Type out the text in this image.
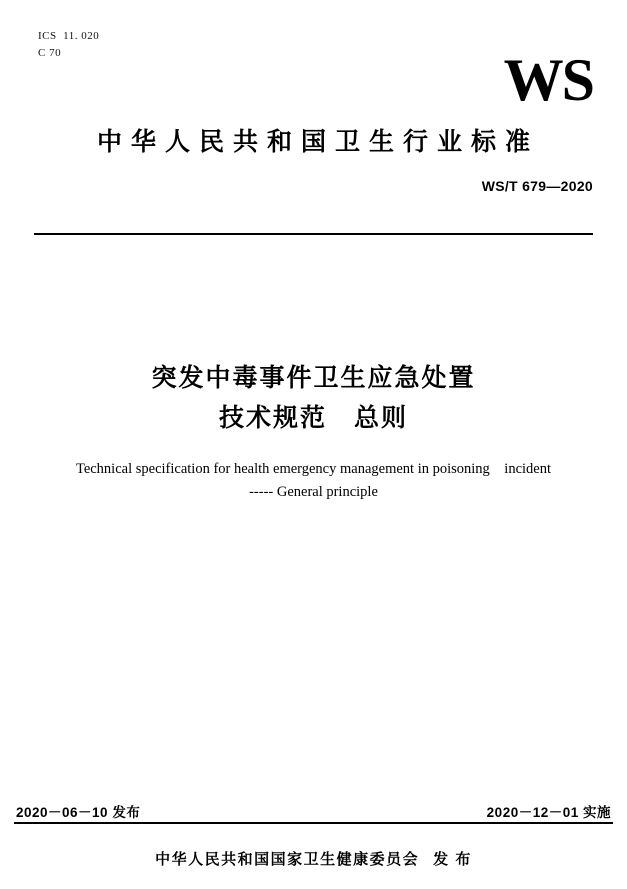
ICS  11. 020
C 70	WS
中华人民共和国卫生行业标准
WS/T 679—2020
突发中毒事件卫生应急处置
技术规范　总则
Technical specification for health emergency management in poisoning　incident
----- General principle
2020－06－10 发布	2020－12－01 实施
中华人民共和国国家卫生健康委员会 发 布
